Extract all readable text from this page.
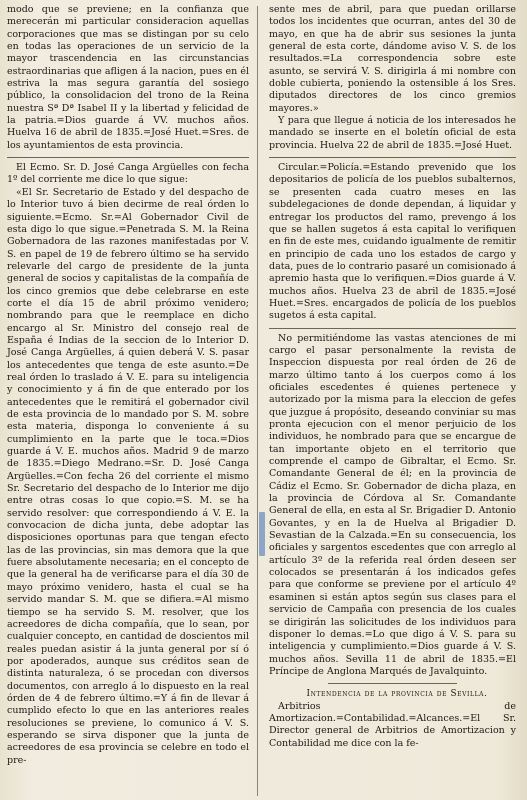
modo que se previene; en la confianza que merecerán mi particular consideracion aquellas corporaciones que mas se distingan por su celo en todas las operaciones de un servicio de la mayor trascendencia en las circunstancias estraordinarias que afligen á la nacion, pues en él estriva la mas segura garantía del sosiego público, la consolidacion del trono de la Reina nuestra Sª Dª Isabel II y la libertad y felicidad de la patria.=Dios guarde á VV. muchos años. Huelva 16 de abril de 1835.=José Huet.=Sres. de los ayuntamientos de esta provincia.

El Ecmo. Sr. D. José Canga Argüelles con fecha 1º del corriente me dice lo que sigue:

«El Sr. Secretario de Estado y del despacho de lo Interior tuvo á bien decirme de real órden lo siguiente.=Ecmo. Sr.=Al Gobernador Civil de esta digo lo que sigue.=Penetrada S. M. la Reina Gobernadora de las razones manifestadas por V. S. en papel de 19 de febrero último se ha servido relevarle del cargo de presidente de la junta general de socios y capitalistas de la compañía de los cinco gremios que debe celebrarse en este corte el día 15 de abril próximo venidero; nombrando para que le reemplace en dicho encargo al Sr. Ministro del consejo real de España é Indias de la seccion de lo Interior D. José Canga Argüelles, á quien deberá V. S. pasar los antecedentes que tenga de este asunto.=De real órden lo traslado á V. E. para su inteligencia y conocimiento y á fin de que enterado por los antecedentes que le remitirá el gobernador civil de esta provincia de lo mandado por S. M. sobre esta materia, disponga lo conveniente á su cumplimiento en la parte que le toca.=Dios guarde á V. E. muchos años. Madrid 9 de marzo de 1835.=Diego Medrano.=Sr. D. José Canga Argüelles.=Con fecha 26 del corriente el mismo Sr. Secretario del despacho de lo Interior me dijo entre otras cosas lo que copio.=S. M. se ha servido resolver: que correspondiendo á V. E. la convocacion de dicha junta, debe adoptar las disposiciones oportunas para que tengan efecto las de las provincias, sin mas demora que la que fuere absolutamente necesaria; en el concepto de que la general ha de verificarse para el día 30 de mayo próximo venidero, hasta el cual se ha servido mandar S. M. que se difiera.=Al mismo tiempo se ha servido S. M. resolver, que los acreedores de dicha compañía, que lo sean, por cualquier concepto, en cantidad de doscientos mil reales puedan asistir á la junta general por sí ó por apoderados, aunque sus créditos sean de distinta naturaleza, ó se procedan con diversos documentos, con arreglo á lo dispuesto en la real órden de 4 de febrero último.=Y á fin de llevar á cumplido efecto lo que en las anteriores reales resoluciones se previene, lo comunico á V. S. esperando se sirva disponer que la junta de acreedores de esa provincia se celebre en todo el pre-

sente mes de abril, para que puedan orillarse todos los incidentes que ocurran, antes del 30 de mayo, en que ha de abrir sus sesiones la junta general de esta corte, dándome aviso V. S. de los resultados.=La correspondencia sobre este asunto, se servirá V. S. dirigirla á mi nombre con doble cubierta, poniendo la ostensible á los Sres. diputados directores de los cinco gremios mayores.»

Y para que llegue á noticia de los interesados he mandado se inserte en el boletín oficial de esta provincia. Huelva 22 de abril de 1835.=José Huet.

Circular.=Policía.=Estando prevenido que los depositarios de policía de los pueblos subalternos, se presenten cada cuatro meses en las subdelegaciones de donde dependan, á liquidar y entregar los productos del ramo, prevengo á los que se hallen sugetos á esta capital lo verifiquen en fin de este mes, cuidando igualmente de remitir en principio de cada uno los estados de cargo y data, pues de lo contrario pasaré un comisionado á apremio hasta que lo verifiquen.=Dios guarde á V. muchos años. Huelva 23 de abril de 1835.=José Huet.=Sres. encargados de policía de los pueblos sugetos á esta capital.

No permitiéndome las vastas atenciones de mi cargo el pasar personalmente la revista de Inspeccion dispuesta por real órden de 26 de marzo último tanto á los cuerpos como á los oficiales escedentes é quienes pertenece y autorizado por la misma para la eleccion de gefes que juzgue á propósito, deseando conviniar su mas pronta ejecucion con el menor perjuicio de los individuos, he nombrado para que se encargue de tan importante objeto en el territorio que comprende el campo de Gibraltar, el Ecmo. Sr. Comandante General de él; en la provincia de Cádiz el Ecmo. Sr. Gobernador de dicha plaza, en la provincia de Córdova al Sr. Comandante General de ella, en esta al Sr. Brigadier D. Antonio Govantes, y en la de Huelva al Brigadier D. Sevastian de la Calzada.=En su consecuencia, los oficiales y sargentos escedentes que con arreglo al artículo 3º de la referida real órden deseen ser colocados se presentarán á los indicados gefes para que conforme se previene por el artículo 4º esaminen si están aptos según sus clases para el servicio de Campaña con presencia de los cuales se dirigirán las solicitudes de los individuos para disponer lo demas.=Lo que digo á V. S. para su inteligencia y cumplimiento.=Dios guarde á V. S. muchos años. Sevilla 11 de abril de 1835.=El Príncipe de Anglona Marqués de Javalquinto.

Intendencia de la provincia de Sevilla.

Arbitrios de Amortizacion.=Contabilidad.=Alcances.=El Sr. Director general de Arbitrios de Amortizacion y Contabilidad me dice con la fe-
